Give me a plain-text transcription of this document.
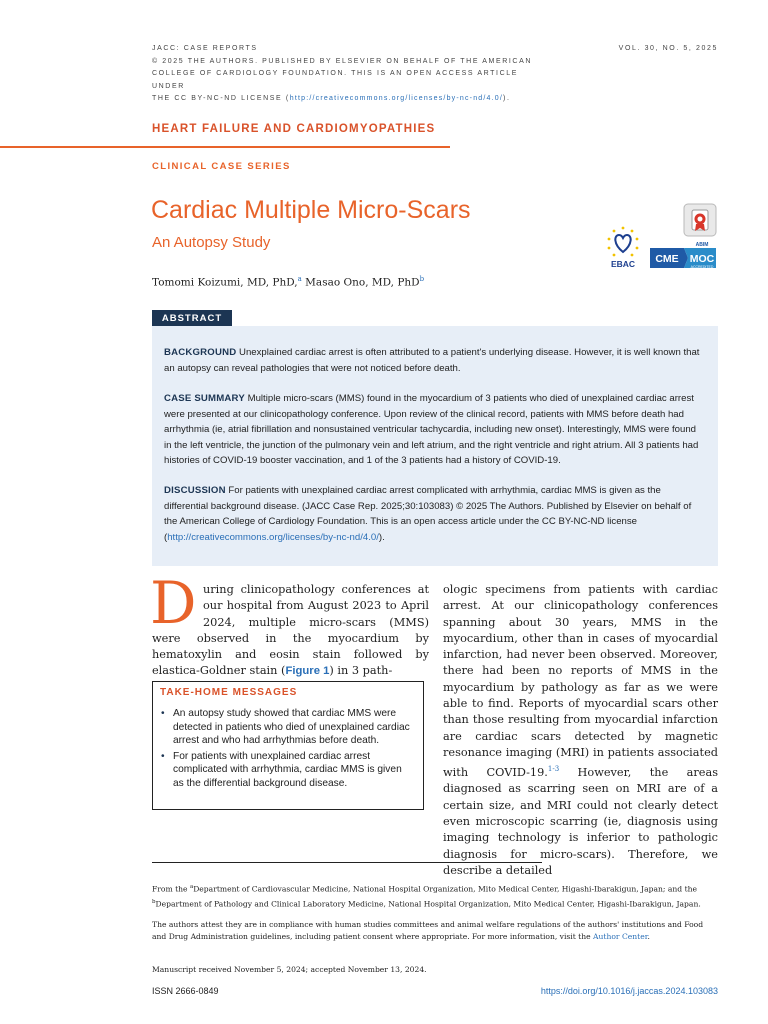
JACC: CASE REPORTS
© 2025 THE AUTHORS. PUBLISHED BY ELSEVIER ON BEHALF OF THE AMERICAN
COLLEGE OF CARDIOLOGY FOUNDATION. THIS IS AN OPEN ACCESS ARTICLE UNDER
THE CC BY-NC-ND LICENSE (http://creativecommons.org/licenses/by-nc-nd/4.0/).
VOL. 30, NO. 5, 2025
HEART FAILURE AND CARDIOMYOPATHIES
CLINICAL CASE SERIES
Cardiac Multiple Micro-Scars
An Autopsy Study
Tomomi Koizumi, MD, PhD,$^a$ Masao Ono, MD, PhD$^b$
EBAC CME MOC
ABIM
ACCREDITED
ABSTRACT
BACKGROUND Unexplained cardiac arrest is often attributed to a patient's underlying disease. However, it is well known that an autopsy can reveal pathologies that were not noticed before death.
CASE SUMMARY Multiple micro-scars (MMS) found in the myocardium of 3 patients who died of unexplained cardiac arrest were presented at our clinicopathology conference. Upon review of the clinical record, patients with MMS before death had arrhythmia (ie, atrial fibrillation and nonsustained ventricular tachycardia, including new onset). Interestingly, MMS were found in the left ventricle, the junction of the pulmonary vein and left atrium, and the right ventricle and right atrium. All 3 patients had histories of COVID-19 booster vaccination, and 1 of the 3 patients had a history of COVID-19.
DISCUSSION For patients with unexplained cardiac arrest complicated with arrhythmia, cardiac MMS is given as the differential background disease. (JACC Case Rep. 2025;30:103083) © 2025 The Authors. Published by Elsevier on behalf of the American College of Cardiology Foundation. This is an open access article under the CC BY-NC-ND license (http://creativecommons.org/licenses/by-nc-nd/4.0/).
D uring clinicopathology conferences at our hospital from August 2023 to April 2024, multiple micro-scars (MMS) were observed in the myocardium by hematoxylin and eosin stain followed by elastica-Goldner stain (Figure 1) in 3 path-
TAKE-HOME MESSAGES
• An autopsy study showed that cardiac MMS were detected in patients who died of unexplained cardiac arrest and who had arrhythmias before death.
• For patients with unexplained cardiac arrest complicated with arrhythmia, cardiac MMS is given as the differential background disease.
ologic specimens from patients with cardiac arrest. At our clinicopathology conferences spanning about 30 years, MMS in the myocardium, other than in cases of myocardial infarction, had never been observed. Moreover, there had been no reports of MMS in the myocardium by pathology as far as we were able to find. Reports of myocardial scars other than those resulting from myocardial infarction are cardiac scars detected by magnetic resonance imaging (MRI) in patients associated with COVID-19.$^{1-3}$ However, the areas diagnosed as scarring seen on MRI are of a certain size, and MRI could not clearly detect even microscopic scarring (ie, diagnosis using imaging technology is inferior to pathologic diagnosis for micro-scars). Therefore, we describe a detailed
From the $^a$Department of Cardiovascular Medicine, National Hospital Organization, Mito Medical Center, Higashi-Ibarakigun, Japan; and the $^b$Department of Pathology and Clinical Laboratory Medicine, National Hospital Organization, Mito Medical Center, Higashi-Ibarakigun, Japan.
The authors attest they are in compliance with human studies committees and animal welfare regulations of the authors' institutions and Food and Drug Administration guidelines, including patient consent where appropriate. For more information, visit the Author Center.
Manuscript received November 5, 2024; accepted November 13, 2024.
ISSN 2666-0849	https://doi.org/10.1016/j.jaccas.2024.103083
